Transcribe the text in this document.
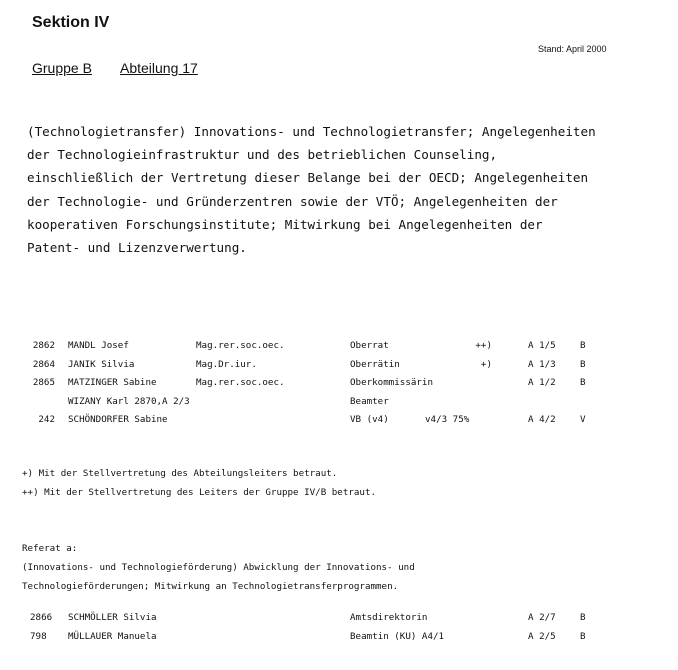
Sektion IV
Stand: April 2000
Gruppe B Abteilung 17
(Technologietransfer) Innovations- und Technologietransfer; Angelegenheiten
der Technologieinfrastruktur und des betrieblichen Counseling,
einschließlich der Vertretung dieser Belange bei der OECD; Angelegenheiten
der Technologie- und Gründerzentren sowie der VTÖ; Angelegenheiten der
kooperativen Forschungsinstitute; Mitwirkung bei Angelegenheiten der
Patent- und Lizenzverwertung.
2862 MANDL Josef	Mag.rer.soc.oec.	Oberrat	++)	A 1/5	B
2864 JANIK Silvia	Mag.Dr.iur.	Oberrätin	+)	A 1/3	B
2865 MATZINGER Sabine	Mag.rer.soc.oec.	Oberkommissärin	A 1/2	B
WIZANY Karl 2870,A 2/3	Beamter
242 SCHÖNDORFER Sabine	VB (v4)	v4/3 75%	A 4/2	V
+) Mit der Stellvertretung des Abteilungsleiters betraut.
++) Mit der Stellvertretung des Leiters der Gruppe IV/B betraut.
Referat a:
(Innovations- und Technologieförderung) Abwicklung der Innovations- und
Technologieförderungen; Mitwirkung an Technologietransferprogrammen.
2866 SCHMÖLLER Silvia	Amtsdirektorin	A 2/7	B
798 MÜLLAUER Manuela	Beamtin (KU) A4/1	A 2/5	B
